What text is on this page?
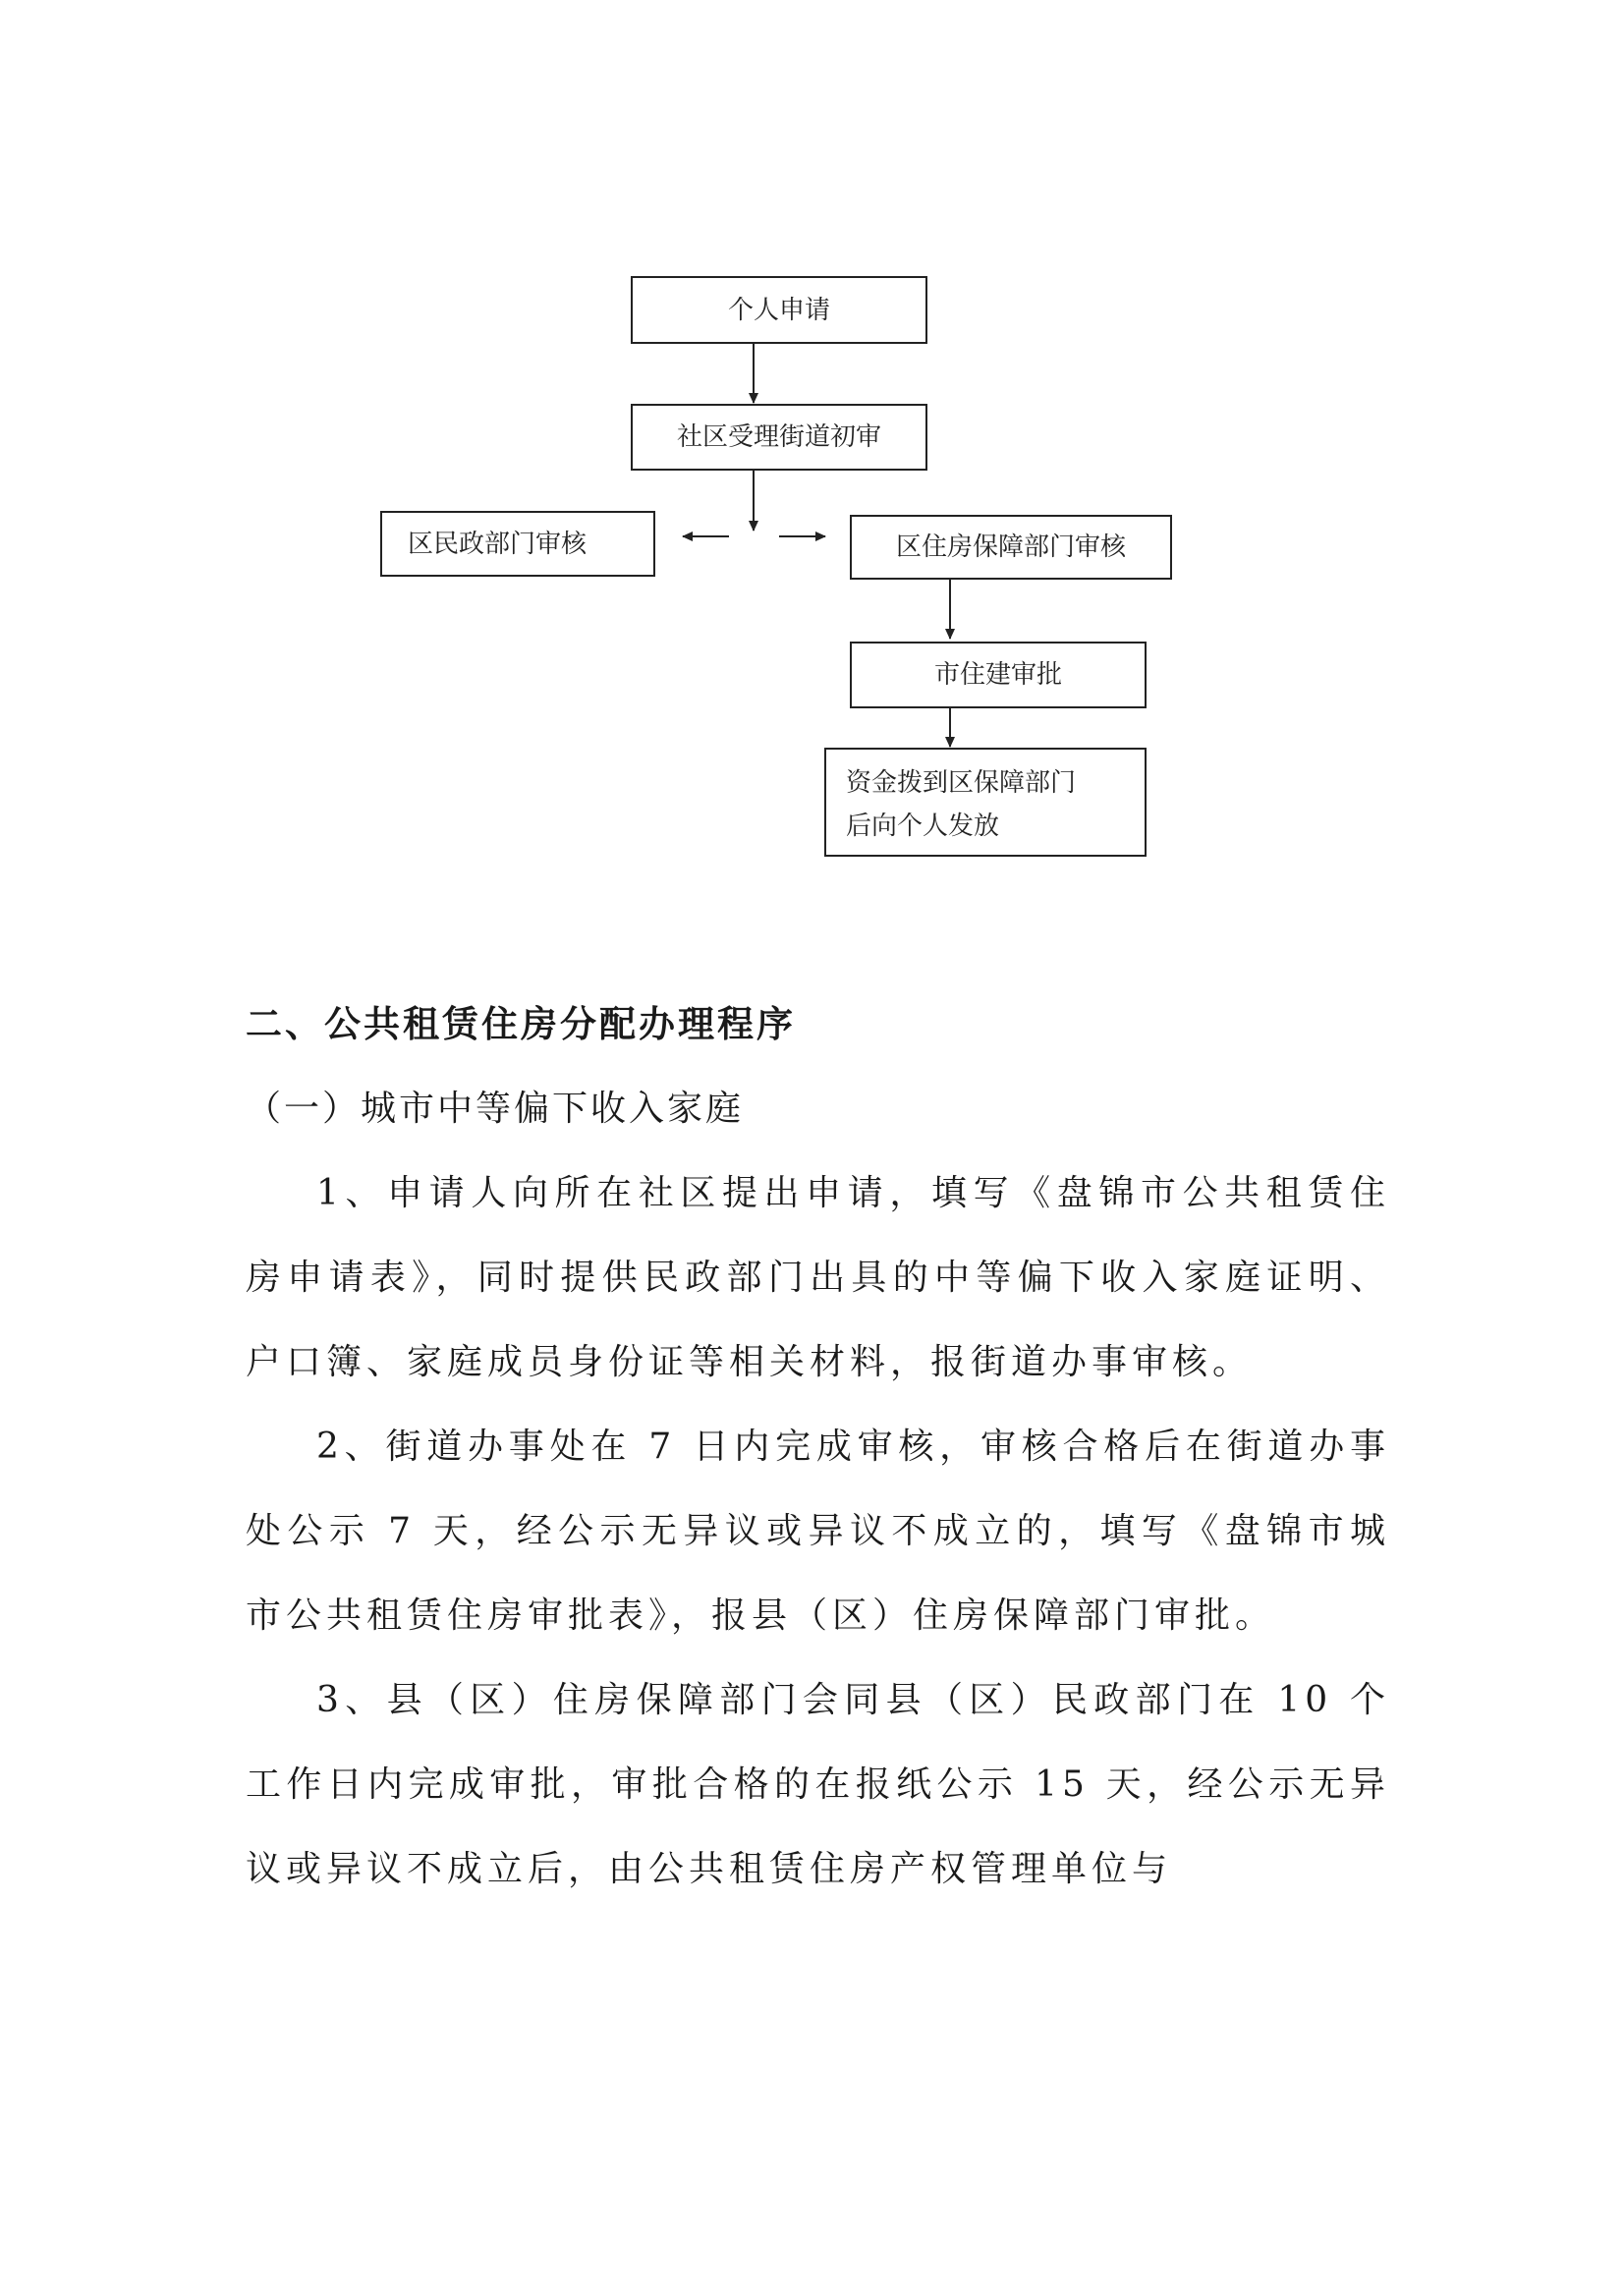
个人申请
社区受理街道初审
区民政部门审核	区住房保障部门审核
市住建审批
资金拨到区保障部门
后向个人发放
二、公共租赁住房分配办理程序

（一）城市中等偏下收入家庭

1、申请人向所在社区提出申请，填写《盘锦市公共租赁住房申请表》，同时提供民政部门出具的中等偏下收入家庭证明、户口簿、家庭成员身份证等相关材料，报街道办事审核。

2、街道办事处在 7 日内完成审核，审核合格后在街道办事处公示 7 天，经公示无异议或异议不成立的，填写《盘锦市城市公共租赁住房审批表》，报县（区）住房保障部门审批。

3、县（区）住房保障部门会同县（区）民政部门在 10 个工作日内完成审批，审批合格的在报纸公示 15 天，经公示无异议或异议不成立后，由公共租赁住房产权管理单位与
